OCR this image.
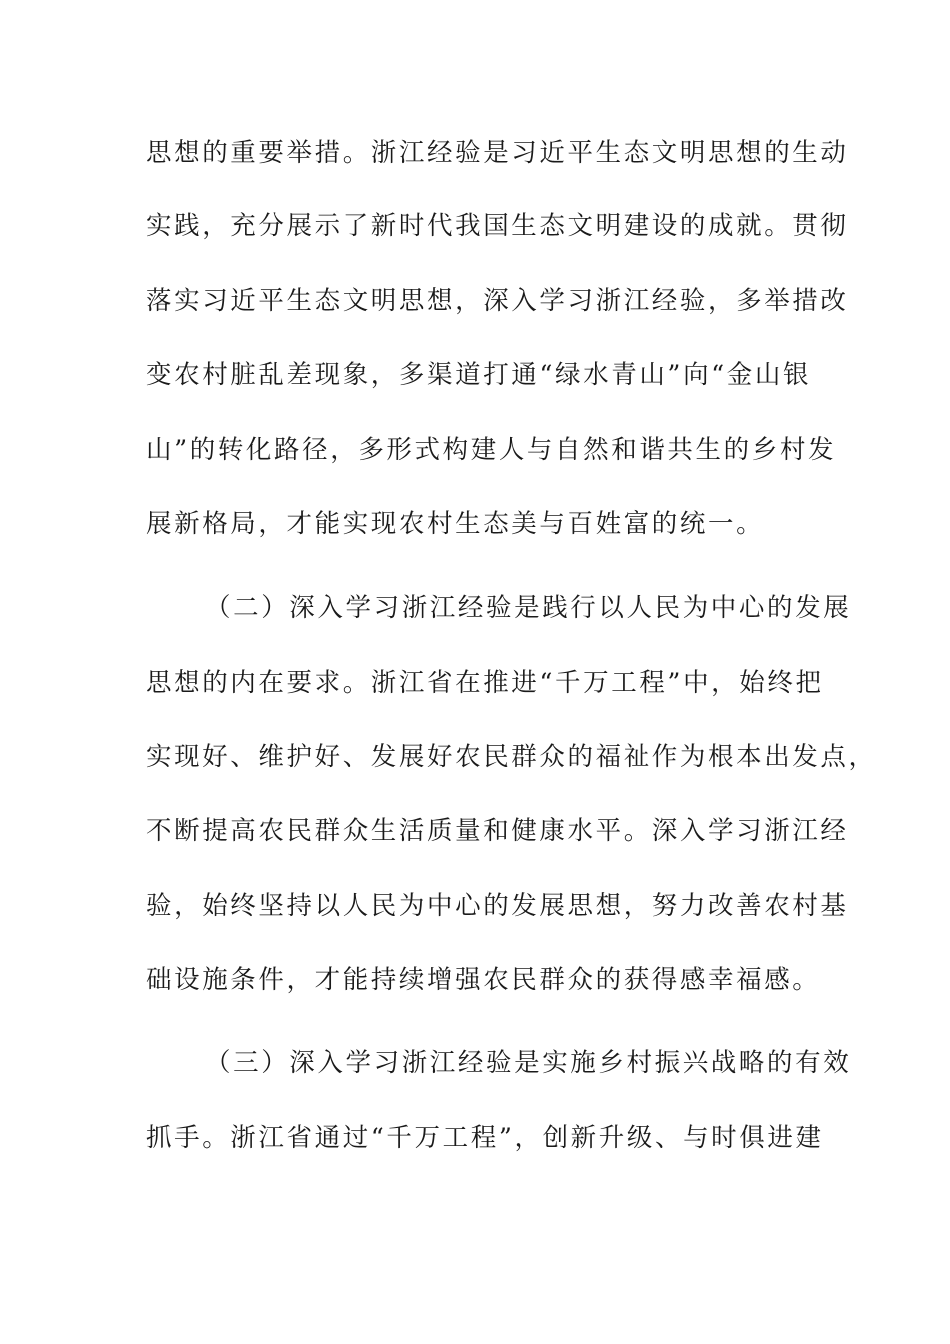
思想的重要举措。浙江经验是习近平生态文明思想的生动
实践，充分展示了新时代我国生态文明建设的成就。贯彻
落实习近平生态文明思想，深入学习浙江经验，多举措改
变农村脏乱差现象，多渠道打通“绿水青山”向“金山银
山”的转化路径，多形式构建人与自然和谐共生的乡村发
展新格局，才能实现农村生态美与百姓富的统一。
（二）深入学习浙江经验是践行以人民为中心的发展
思想的内在要求。浙江省在推进“千万工程”中，始终把
实现好、维护好、发展好农民群众的福祉作为根本出发点，
不断提高农民群众生活质量和健康水平。深入学习浙江经
验，始终坚持以人民为中心的发展思想，努力改善农村基
础设施条件，才能持续增强农民群众的获得感幸福感。
（三）深入学习浙江经验是实施乡村振兴战略的有效
抓手。浙江省通过“千万工程”，创新升级、与时俱进建
